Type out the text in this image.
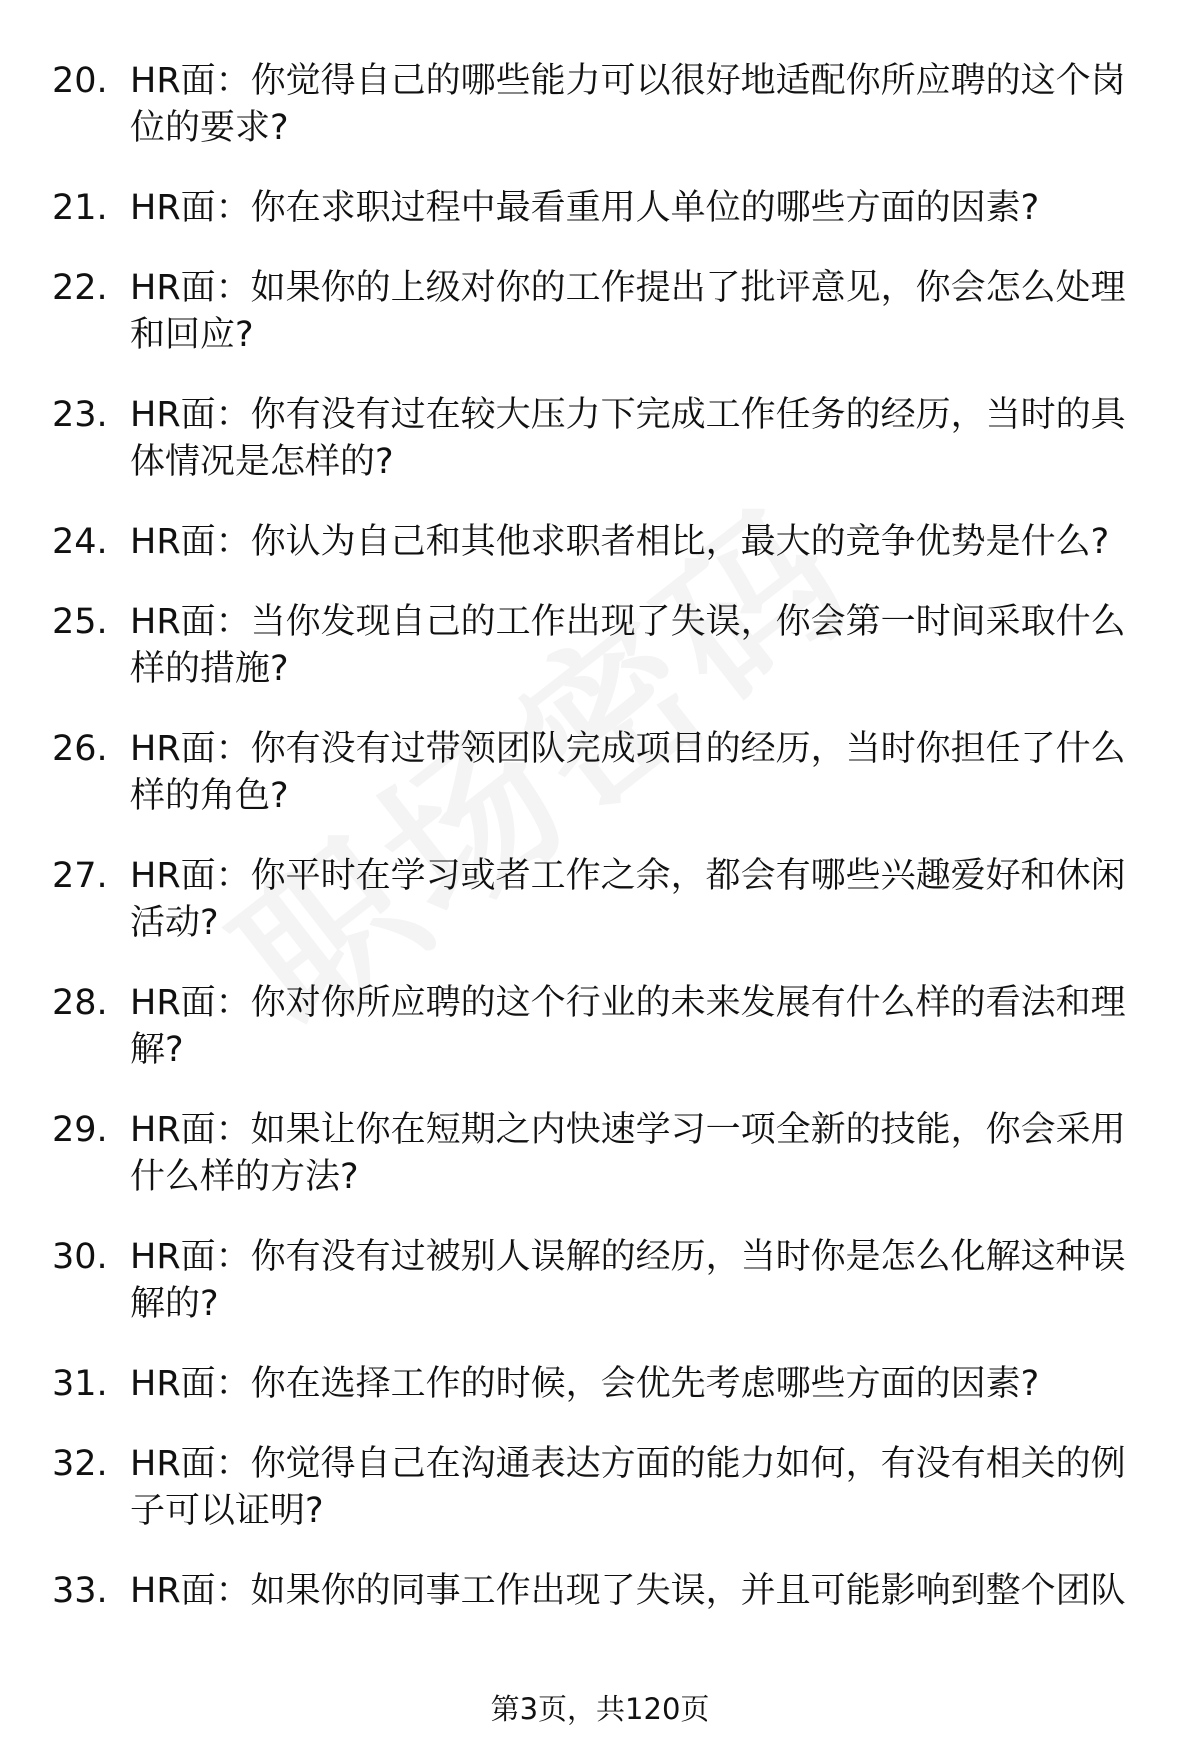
20. HR面：你觉得自己的哪些能力可以很好地适配你所应聘的这个岗位的要求?
21. HR面：你在求职过程中最看重用人单位的哪些方面的因素?
22. HR面：如果你的上级对你的工作提出了批评意见，你会怎么处理和回应?
23. HR面：你有没有过在较大压力下完成工作任务的经历，当时的具体情况是怎样的?
24. HR面：你认为自己和其他求职者相比，最大的竞争优势是什么?
25. HR面：当你发现自己的工作出现了失误，你会第一时间采取什么样的措施?
26. HR面：你有没有过带领团队完成项目的经历，当时你担任了什么样的角色?
27. HR面：你平时在学习或者工作之余，都会有哪些兴趣爱好和休闲活动?
28. HR面：你对你所应聘的这个行业的未来发展有什么样的看法和理解?
29. HR面：如果让你在短期之内快速学习一项全新的技能，你会采用什么样的方法?
30. HR面：你有没有过被别人误解的经历，当时你是怎么化解这种误解的?
31. HR面：你在选择工作的时候，会优先考虑哪些方面的因素?
32. HR面：你觉得自己在沟通表达方面的能力如何，有没有相关的例子可以证明?
33. HR面：如果你的同事工作出现了失误，并且可能影响到整个团队
第3页，共120页
